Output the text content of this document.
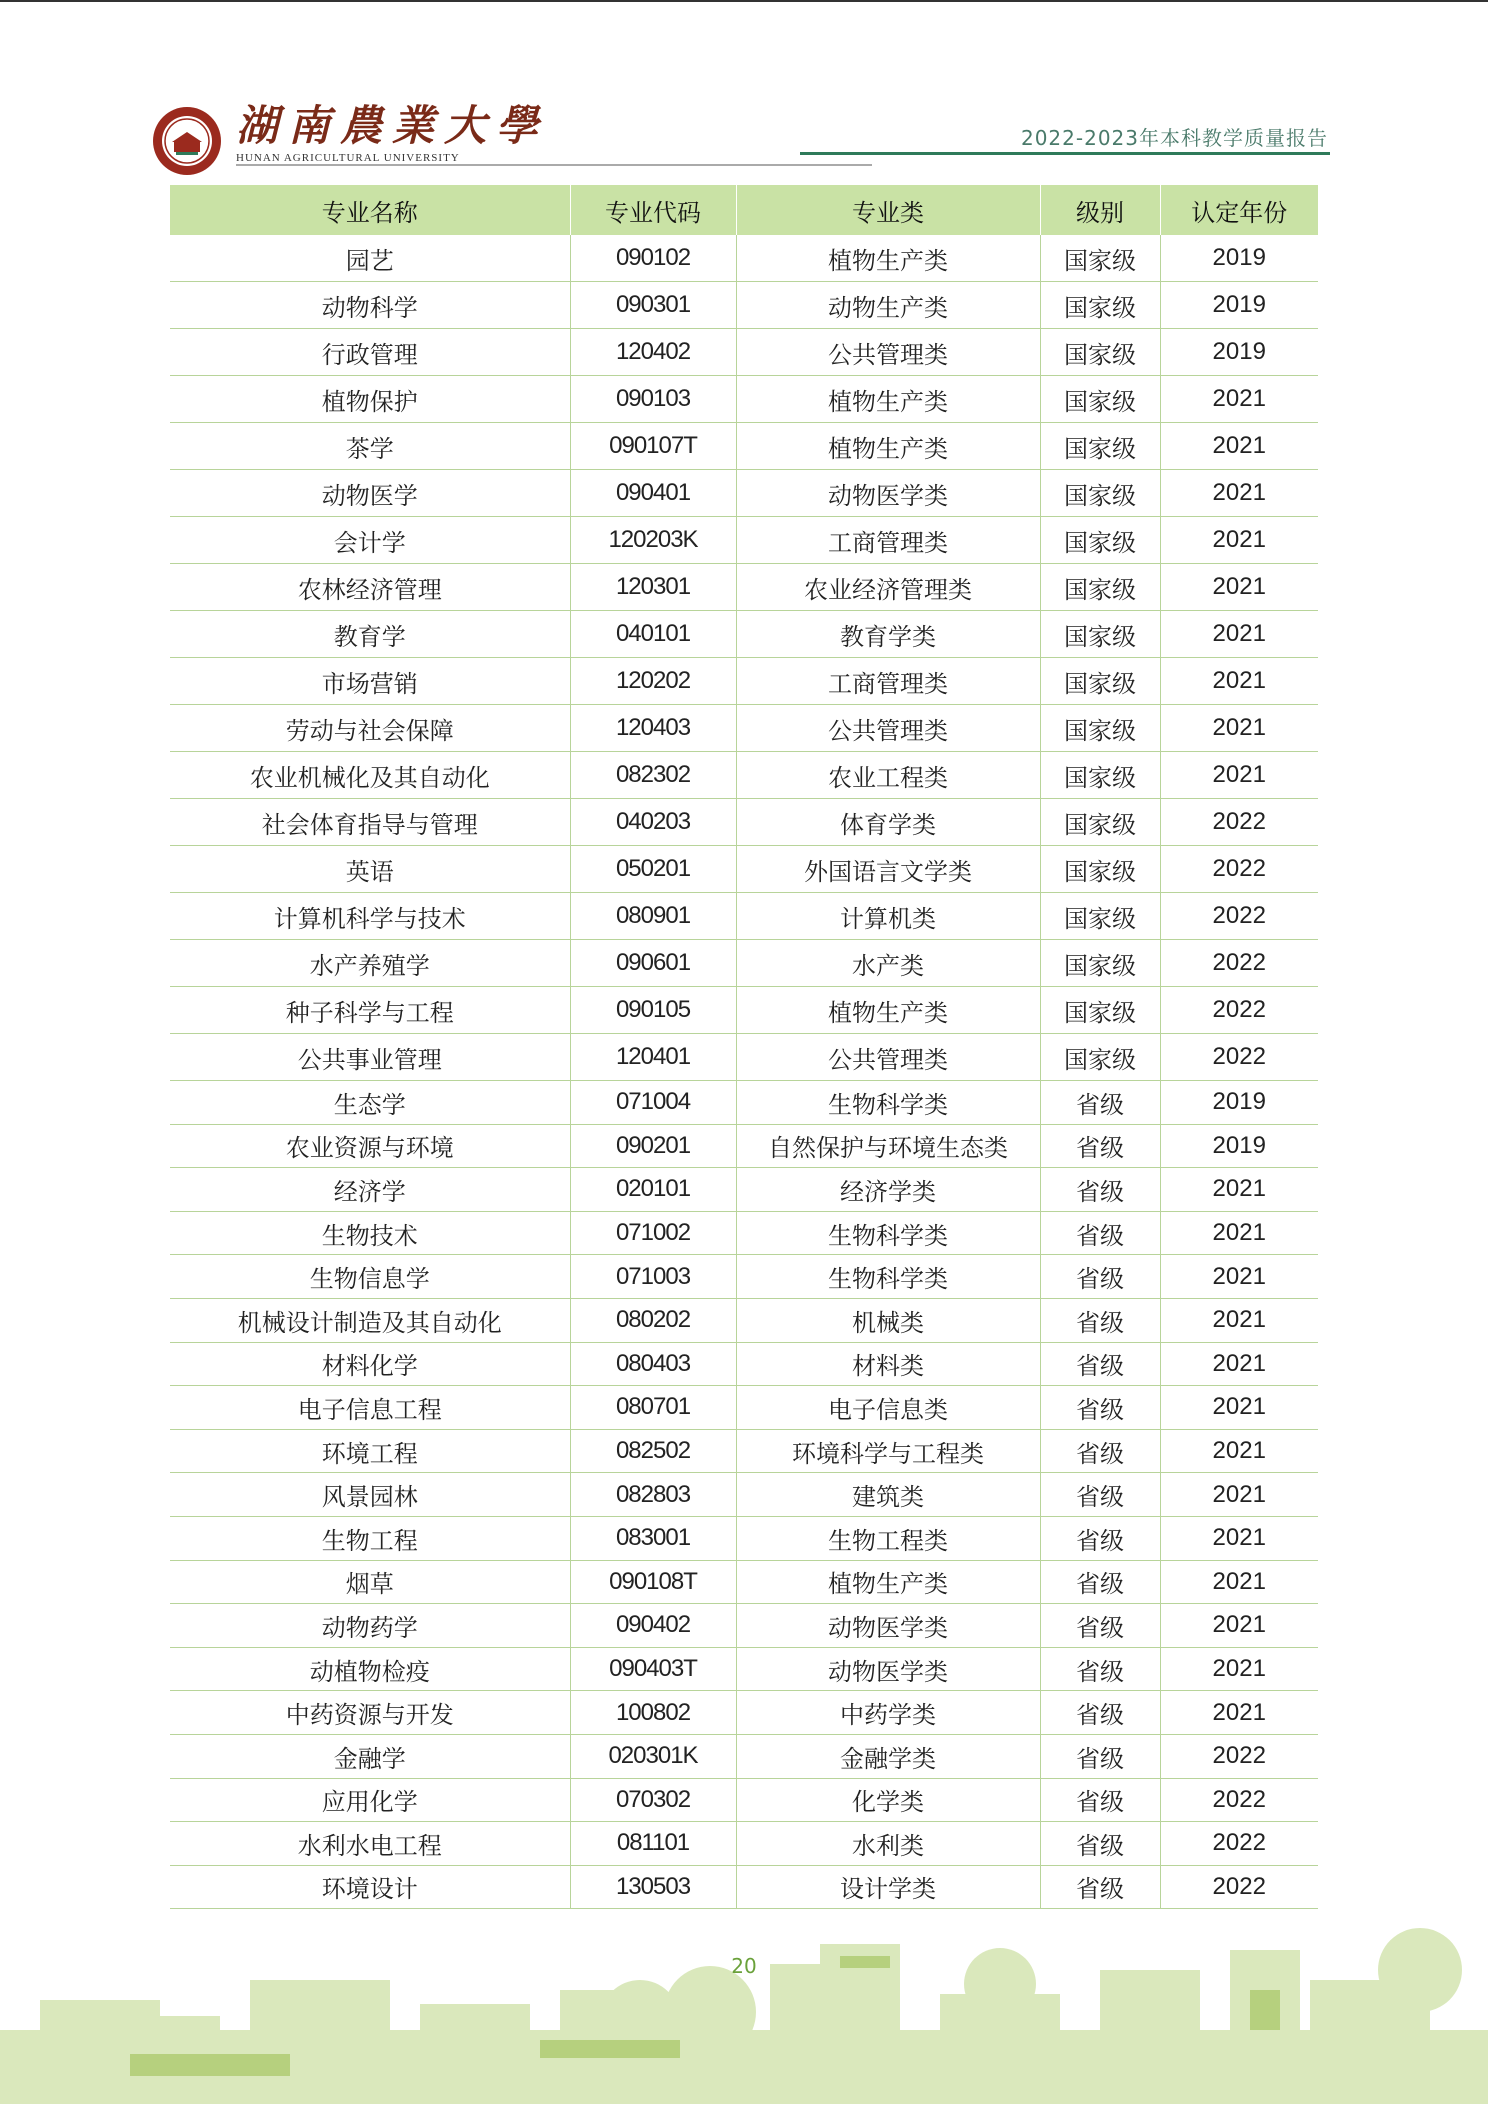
湖南農業大學
HUNAN AGRICULTURAL UNIVERSITY
2022-2023年本科教学质量报告
专业名称	专业代码	专业类	级别	认定年份
园艺	090102	植物生产类	国家级	2019
动物科学	090301	动物生产类	国家级	2019
行政管理	120402	公共管理类	国家级	2019
植物保护	090103	植物生产类	国家级	2021
茶学	090107T	植物生产类	国家级	2021
动物医学	090401	动物医学类	国家级	2021
会计学	120203K	工商管理类	国家级	2021
农林经济管理	120301	农业经济管理类	国家级	2021
教育学	040101	教育学类	国家级	2021
市场营销	120202	工商管理类	国家级	2021
劳动与社会保障	120403	公共管理类	国家级	2021
农业机械化及其自动化	082302	农业工程类	国家级	2021
社会体育指导与管理	040203	体育学类	国家级	2022
英语	050201	外国语言文学类	国家级	2022
计算机科学与技术	080901	计算机类	国家级	2022
水产养殖学	090601	水产类	国家级	2022
种子科学与工程	090105	植物生产类	国家级	2022
公共事业管理	120401	公共管理类	国家级	2022
生态学	071004	生物科学类	省级	2019
农业资源与环境	090201	自然保护与环境生态类	省级	2019
经济学	020101	经济学类	省级	2021
生物技术	071002	生物科学类	省级	2021
生物信息学	071003	生物科学类	省级	2021
机械设计制造及其自动化	080202	机械类	省级	2021
材料化学	080403	材料类	省级	2021
电子信息工程	080701	电子信息类	省级	2021
环境工程	082502	环境科学与工程类	省级	2021
风景园林	082803	建筑类	省级	2021
生物工程	083001	生物工程类	省级	2021
烟草	090108T	植物生产类	省级	2021
动物药学	090402	动物医学类	省级	2021
动植物检疫	090403T	动物医学类	省级	2021
中药资源与开发	100802	中药学类	省级	2021
金融学	020301K	金融学类	省级	2022
应用化学	070302	化学类	省级	2022
水利水电工程	081101	水利类	省级	2022
环境设计	130503	设计学类	省级	2022
20
